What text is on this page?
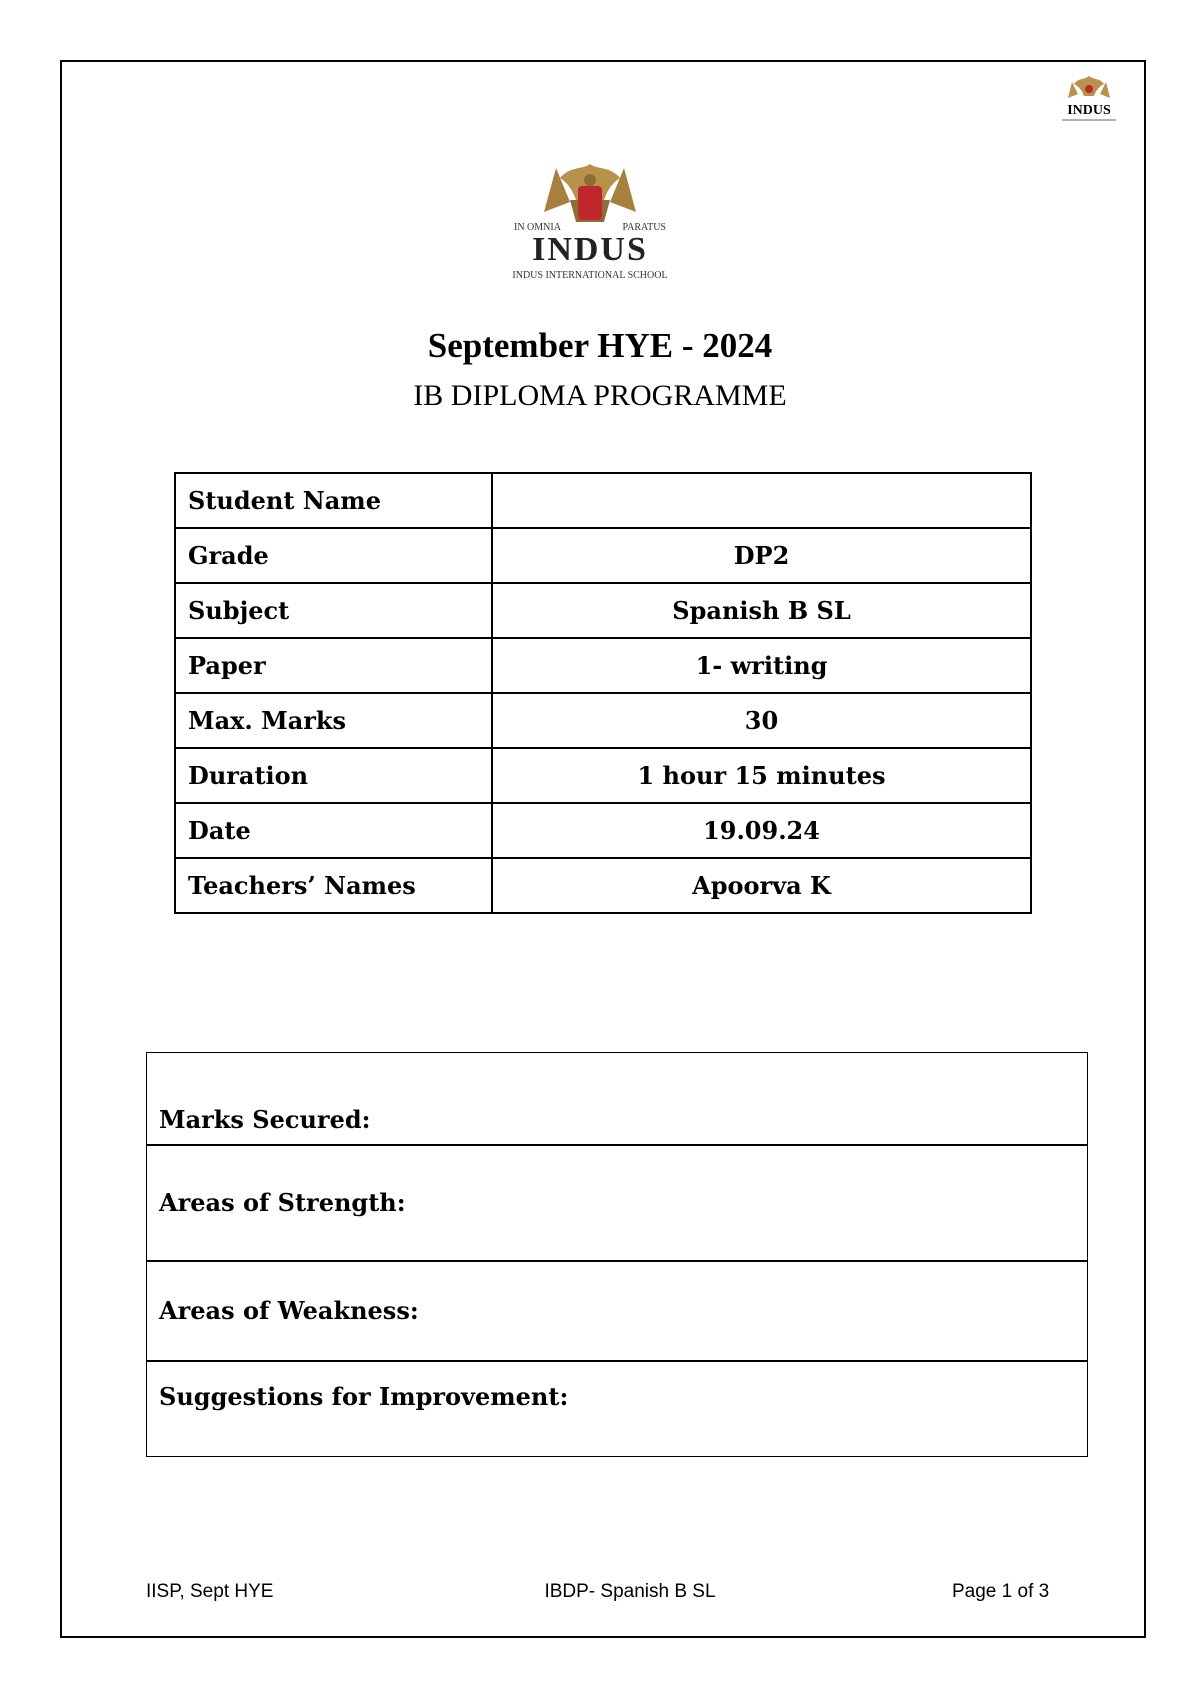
INDUS
IN OMNIA	PARATUS
INDUS
INDUS INTERNATIONAL SCHOOL
September HYE - 2024
IB DIPLOMA PROGRAMME
Student Name	
Grade	DP2
Subject	Spanish B SL
Paper	1- writing
Max. Marks	30
Duration	1 hour 15 minutes
Date	19.09.24
Teachers’ Names	Apoorva K
Marks Secured:
Areas of Strength:
Areas of Weakness:
Suggestions for Improvement:
IISP, Sept HYE	IBDP- Spanish B SL	Page 1 of 3
